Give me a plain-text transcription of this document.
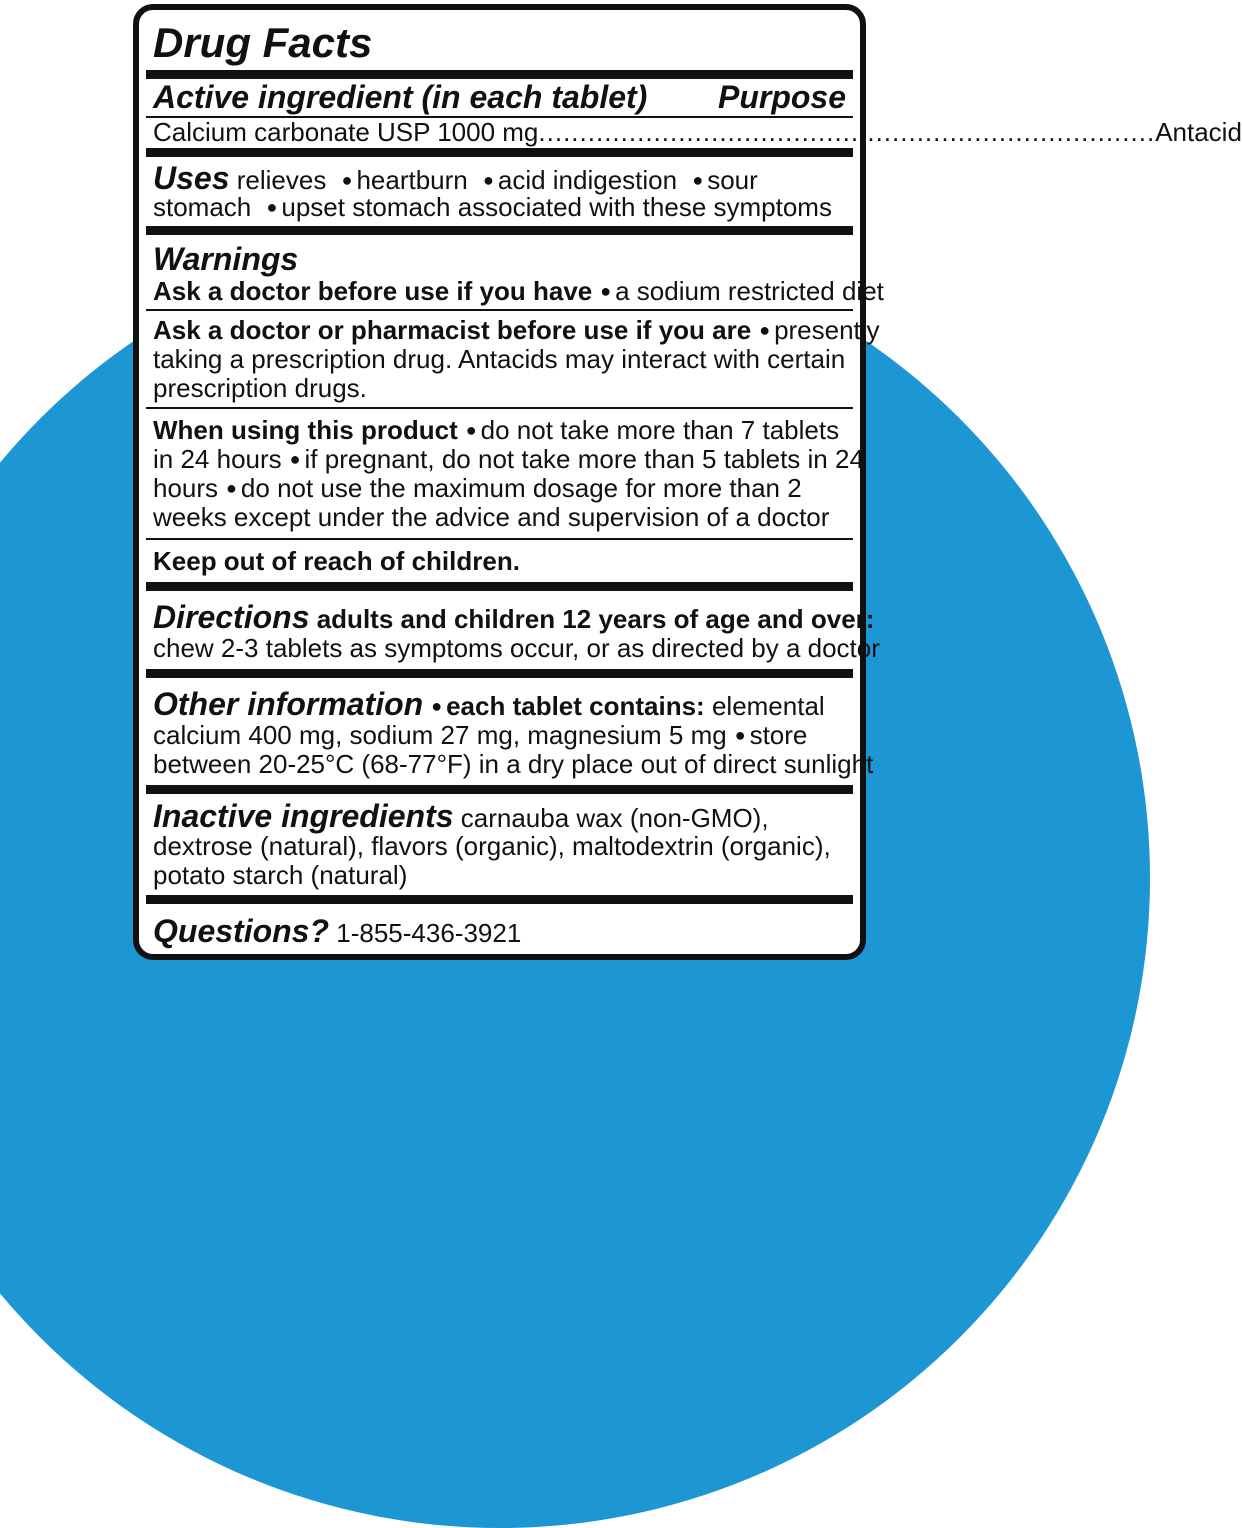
Drug Facts
Active ingredient (in each tablet) Purpose
Calcium carbonate USP 1000 mg ........................................................................... Antacid
Uses relieves ● heartburn ● acid indigestion ● sour
stomach ● upset stomach associated with these symptoms
Warnings
Ask a doctor before use if you have ● a sodium restricted diet
Ask a doctor or pharmacist before use if you are ● presently
taking a prescription drug. Antacids may interact with certain
prescription drugs.
When using this product ● do not take more than 7 tablets
in 24 hours ● if pregnant, do not take more than 5 tablets in 24
hours ● do not use the maximum dosage for more than 2
weeks except under the advice and supervision of a doctor
Keep out of reach of children.
Directions adults and children 12 years of age and over:
chew 2-3 tablets as symptoms occur, or as directed by a doctor
Other information ● each tablet contains: elemental
calcium 400 mg, sodium 27 mg, magnesium 5 mg ● store
between 20-25°C (68-77°F) in a dry place out of direct sunlight
Inactive ingredients carnauba wax (non-GMO),
dextrose (natural), flavors (organic), maltodextrin (organic),
potato starch (natural)
Questions? 1-855-436-3921
